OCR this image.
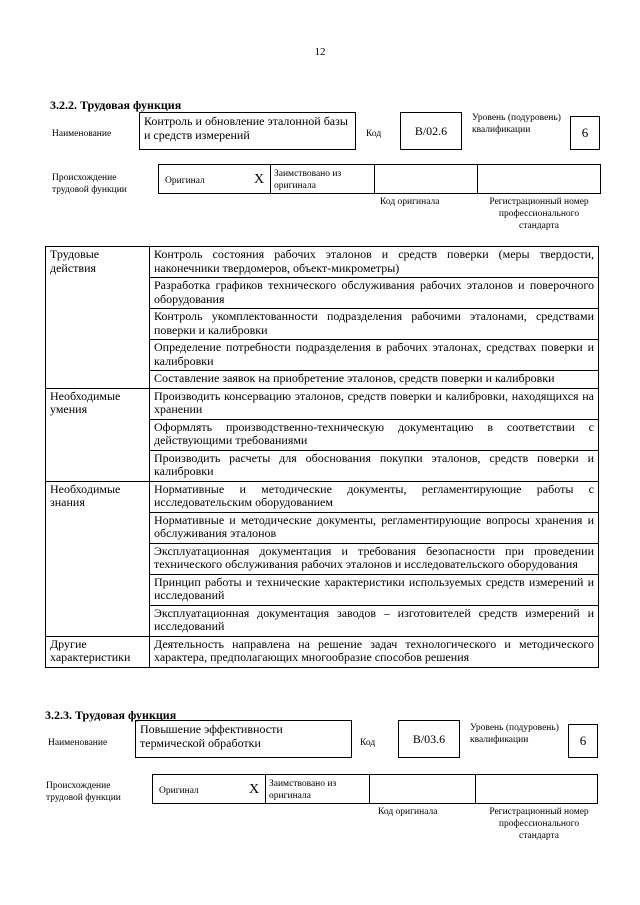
12
3.2.2. Трудовая функция
Наименование
Контроль и обновление эталонной базы и средств измерений	Код	B/02.6
Уровень (подуровень) квалификации	6
Происхождение трудовой функции
Оригинал	X Заимствовано из оригинала
Код оригинала	Регистрационный номер профессионального стандарта
Трудовые действия	Контроль состояния рабочих эталонов и средств поверки (меры твердости, наконечники твердомеров, объект-микрометры)
	Разработка графиков технического обслуживания рабочих эталонов и поверочного оборудования
	Контроль укомплектованности подразделения рабочими эталонами, средствами поверки и калибровки
	Определение потребности подразделения в рабочих эталонах, средствах поверки и калибровки
	Составление заявок на приобретение эталонов, средств поверки и калибровки
Необходимые умения	Производить консервацию эталонов, средств поверки и калибровки, находящихся на хранении
	Оформлять производственно-техническую документацию в соответствии с действующими требованиями
	Производить расчеты для обоснования покупки эталонов, средств поверки и калибровки
Необходимые знания	Нормативные и методические документы, регламентирующие работы с исследовательским оборудованием
	Нормативные и методические документы, регламентирующие вопросы хранения и обслуживания эталонов
	Эксплуатационная документация и требования безопасности при проведении технического обслуживания рабочих эталонов и исследовательского оборудования
	Принцип работы и технические характеристики используемых средств измерений и исследований
	Эксплуатационная документация заводов – изготовителей средств измерений и исследований
Другие характеристики	Деятельность направлена на решение задач технологического и методического характера, предполагающих многообразие способов решения
3.2.3. Трудовая функция
Наименование
Повышение эффективности термической обработки	Код	B/03.6
Уровень (подуровень) квалификации	6
Происхождение трудовой функции
Оригинал	X Заимствовано из оригинала
Код оригинала	Регистрационный номер профессионального стандарта
